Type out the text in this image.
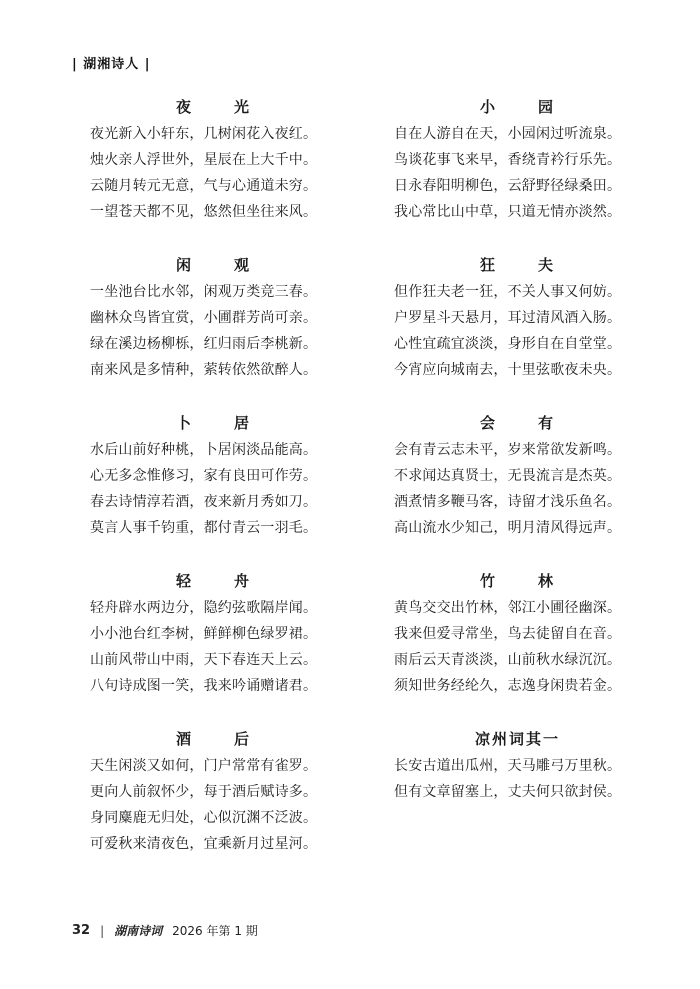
| 湖湘诗人 |
夜　光
夜光新入小轩东，几树闲花入夜红。
烛火亲人浮世外，星辰在上大千中。
云随月转元无意，气与心通道未穷。
一望苍天都不见，悠然但坐往来风。
闲　观
一坐池台比水邻，闲观万类竞三春。
幽林众鸟皆宜赏，小圃群芳尚可亲。
绿在溪边杨柳栎，红归雨后李桃新。
南来风是多情种，萦转依然欲醉人。
卜　居
水后山前好种桃，卜居闲淡品能高。
心无多念惟修习，家有良田可作劳。
春去诗情淳若酒，夜来新月秀如刀。
莫言人事千钧重，都付青云一羽毛。
轻　舟
轻舟辟水两边分，隐约弦歌隔岸闻。
小小池台红李树，鲜鲜柳色绿罗裙。
山前风带山中雨，天下春连天上云。
八句诗成图一笑，我来吟诵赠诸君。
酒　后
天生闲淡又如何，门户常常有雀罗。
更向人前叙怀少，每于酒后赋诗多。
身同麋鹿无归处，心似沉渊不泛波。
可爱秋来清夜色，宜乘新月过星河。
小　园
自在人游自在天，小园闲过听流泉。
鸟谈花事飞来早，香绕青衿行乐先。
日永春阳明柳色，云舒野径绿桑田。
我心常比山中草，只道无情亦淡然。
狂　夫
但作狂夫老一狂，不关人事又何妨。
户罗星斗天悬月，耳过清风酒入肠。
心性宜疏宜淡淡，身形自在自堂堂。
今宵应向城南去，十里弦歌夜未央。
会　有
会有青云志未平，岁来常欲发新鸣。
不求闻达真贤士，无畏流言是杰英。
酒煮情多鞭马客，诗留才浅乐鱼名。
高山流水少知己，明月清风得远声。
竹　林
黄鸟交交出竹林，邻江小圃径幽深。
我来但爱寻常坐，鸟去徒留自在音。
雨后云天青淡淡，山前秋水绿沉沉。
须知世务经纶久，志逸身闲贵若金。
凉州词其一
长安古道出瓜州，天马雕弓万里秋。
但有文章留塞上，丈夫何只欲封侯。
32 | 湖南诗词 2026 年第 1 期
